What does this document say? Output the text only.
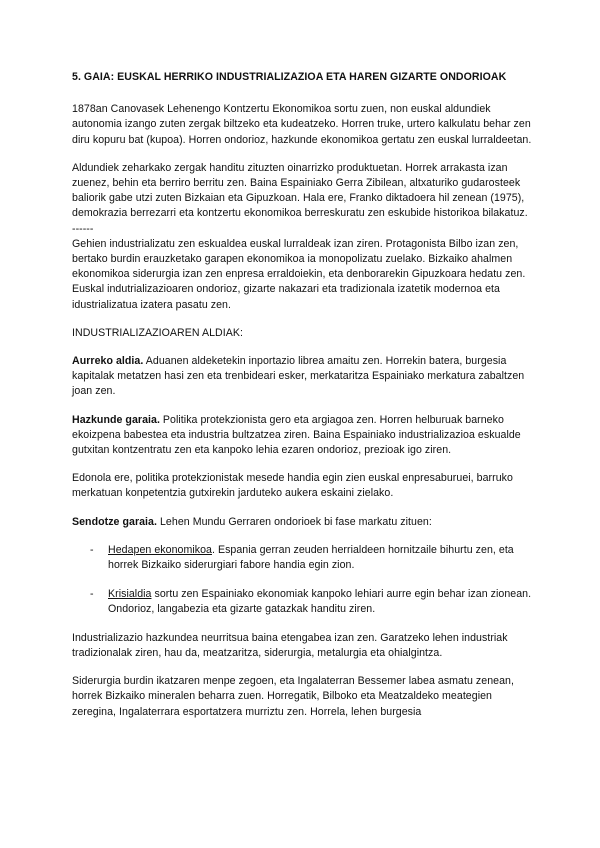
5. GAIA: EUSKAL HERRIKO INDUSTRIALIZAZIOA ETA HAREN GIZARTE ONDORIOAK

1878an Canovasek Lehenengo Kontzertu Ekonomikoa sortu zuen, non euskal aldundiek autonomia izango zuten zergak biltzeko eta kudeatzeko. Horren truke, urtero kalkulatu behar zen diru kopuru bat (kupoa). Horren ondorioz, hazkunde ekonomikoa gertatu zen euskal lurraldeetan.

Aldundiek zeharkako zergak handitu zituzten oinarrizko produktuetan. Horrek arrakasta izan zuenez, behin eta berriro berritu zen. Baina Espainiako Gerra Zibilean, altxaturiko gudarosteek baliorik gabe utzi zuten Bizkaian eta Gipuzkoan. Hala ere, Franko diktadoera hil zenean (1975), demokrazia berrezarri eta kontzertu ekonomikoa berreskuratu zen eskubide historikoa bilakatuz.

------

Gehien industrializatu zen eskualdea euskal lurraldeak izan ziren. Protagonista Bilbo izan zen, bertako burdin erauzketako garapen ekonomikoa ia monopolizatu zuelako. Bizkaiko ahalmen ekonomikoa siderurgia izan zen enpresa erraldoiekin, eta denborarekin Gipuzkoara hedatu zen. Euskal indutrializazioaren ondorioz, gizarte nakazari eta tradizionala izatetik modernoa eta idustrializatua izatera pasatu zen.

INDUSTRIALIZAZIOAREN ALDIAK:

Aurreko aldia. Aduanen aldeketekin inportazio librea amaitu zen. Horrekin batera, burgesia kapitalak metatzen hasi zen eta trenbideari esker, merkataritza Espainiako merkatura zabaltzen joan zen.

Hazkunde garaia. Politika protekzionista gero eta argiagoa zen. Horren helburuak barneko ekoizpena babestea eta industria bultzatzea ziren. Baina Espainiako industrializazioa eskualde gutxitan kontzentratu zen eta kanpoko lehia ezaren ondorioz, prezioak igo ziren.

Edonola ere, politika protekzionistak mesede handia egin zien euskal enpresaburuei, barruko merkatuan konpetentzia gutxirekin jarduteko aukera eskaini zielako.

Sendotze garaia. Lehen Mundu Gerraren ondorioek bi fase markatu zituen:

- Hedapen ekonomikoa. Espania gerran zeuden herrialdeen hornitzaile bihurtu zen, eta horrek Bizkaiko siderurgiari fabore handia egin zion.
- Krisialdia sortu zen Espainiako ekonomiak kanpoko lehiari aurre egin behar izan zionean. Ondorioz, langabezia eta gizarte gatazkak handitu ziren.

Industrializazio hazkundea neurritsua baina etengabea izan zen. Garatzeko lehen industriak tradizionalak ziren, hau da, meatzaritza, siderurgia, metalurgia eta ohialgintza.

Siderurgia burdin ikatzaren menpe zegoen, eta Ingalaterran Bessemer labea asmatu zenean, horrek Bizkaiko mineralen beharra zuen. Horregatik, Bilboko eta Meatzaldeko meategien zeregina, Ingalaterrara esportatzera murriztu zen. Horrela, lehen burgesia
